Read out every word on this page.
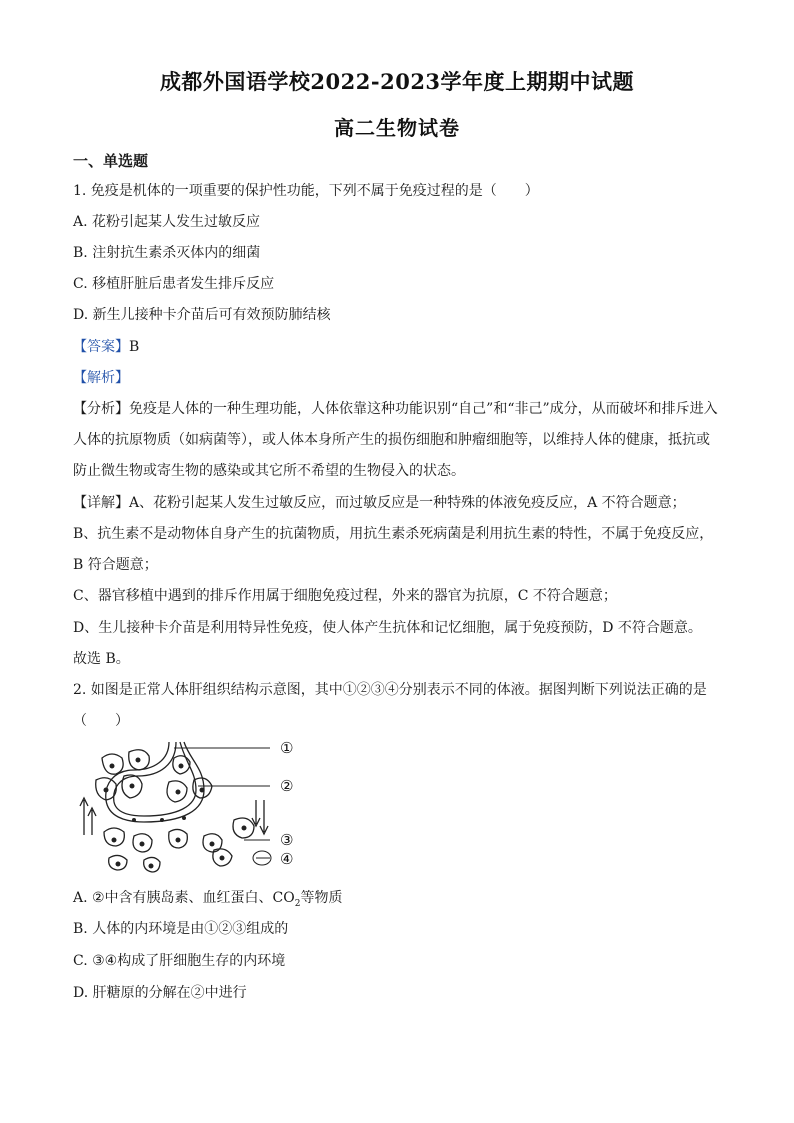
成都外国语学校2022-2023学年度上期期中试题
高二生物试卷
一、单选题
1. 免疫是机体的一项重要的保护性功能，下列不属于免疫过程的是（　　）
A. 花粉引起某人发生过敏反应
B. 注射抗生素杀灭体内的细菌
C. 移植肝脏后患者发生排斥反应
D. 新生儿接种卡介苗后可有效预防肺结核
【答案】B
【解析】
【分析】免疫是人体的一种生理功能，人体依靠这种功能识别“自己”和“非己”成分，从而破坏和排斥进入
人体的抗原物质（如病菌等），或人体本身所产生的损伤细胞和肿瘤细胞等，以维持人体的健康，抵抗或
防止微生物或寄生物的感染或其它所不希望的生物侵入的状态。
【详解】A、花粉引起某人发生过敏反应，而过敏反应是一种特殊的体液免疫反应，A 不符合题意；
B、抗生素不是动物体自身产生的抗菌物质，用抗生素杀死病菌是利用抗生素的特性，不属于免疫反应，
B 符合题意；
C、器官移植中遇到的排斥作用属于细胞免疫过程，外来的器官为抗原，C 不符合题意；
D、生儿接种卡介苗是利用特异性免疫，使人体产生抗体和记忆细胞，属于免疫预防，D 不符合题意。
故选 B。
2. 如图是正常人体肝组织结构示意图，其中①②③④分别表示不同的体液。据图判断下列说法正确的是
（　　）
①
②
③
④
A. ②中含有胰岛素、血红蛋白、$CO_2$等物质
B. 人体的内环境是由①②③组成的
C. ③④构成了肝细胞生存的内环境
D. 肝糖原的分解在②中进行
